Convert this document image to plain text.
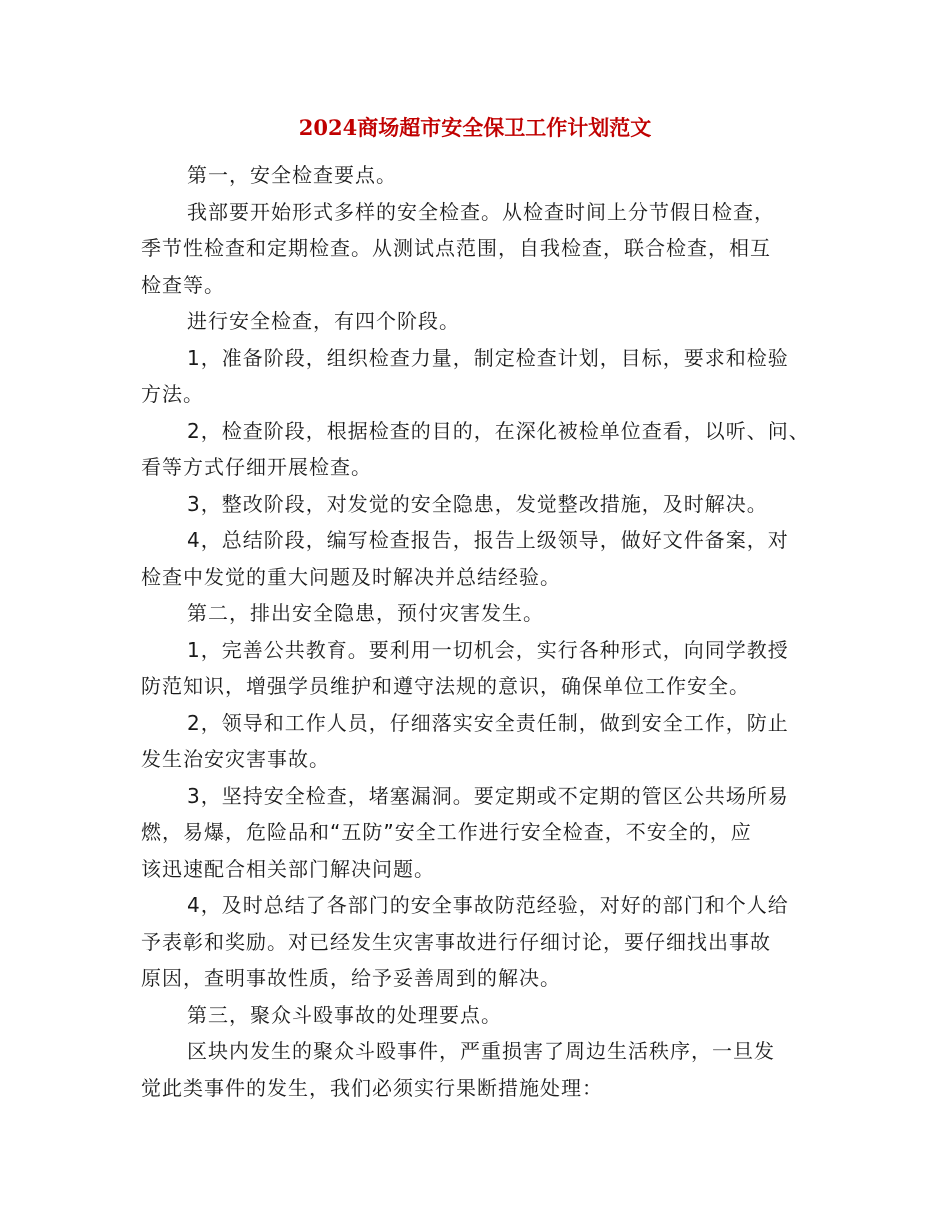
2024商场超市安全保卫工作计划范文

第一，安全检查要点。

我部要开始形式多样的安全检查。从检查时间上分节假日检查，
季节性检查和定期检查。从测试点范围，自我检查，联合检查，相互
检查等。

进行安全检查，有四个阶段。

1，准备阶段，组织检查力量，制定检查计划，目标，要求和检验
方法。

2，检查阶段，根据检查的目的，在深化被检单位查看，以听、问、
看等方式仔细开展检查。

3，整改阶段，对发觉的安全隐患，发觉整改措施，及时解决。

4，总结阶段，编写检查报告，报告上级领导，做好文件备案，对
检查中发觉的重大问题及时解决并总结经验。

第二，排出安全隐患，预付灾害发生。

1，完善公共教育。要利用一切机会，实行各种形式，向同学教授
防范知识，增强学员维护和遵守法规的意识，确保单位工作安全。

2，领导和工作人员，仔细落实安全责任制，做到安全工作，防止
发生治安灾害事故。

3，坚持安全检查，堵塞漏洞。要定期或不定期的管区公共场所易
燃，易爆，危险品和“五防”安全工作进行安全检查，不安全的，应
该迅速配合相关部门解决问题。

4，及时总结了各部门的安全事故防范经验，对好的部门和个人给
予表彰和奖励。对已经发生灾害事故进行仔细讨论，要仔细找出事故
原因，查明事故性质，给予妥善周到的解决。

第三，聚众斗殴事故的处理要点。

区块内发生的聚众斗殴事件，严重损害了周边生活秩序，一旦发
觉此类事件的发生，我们必须实行果断措施处理：
